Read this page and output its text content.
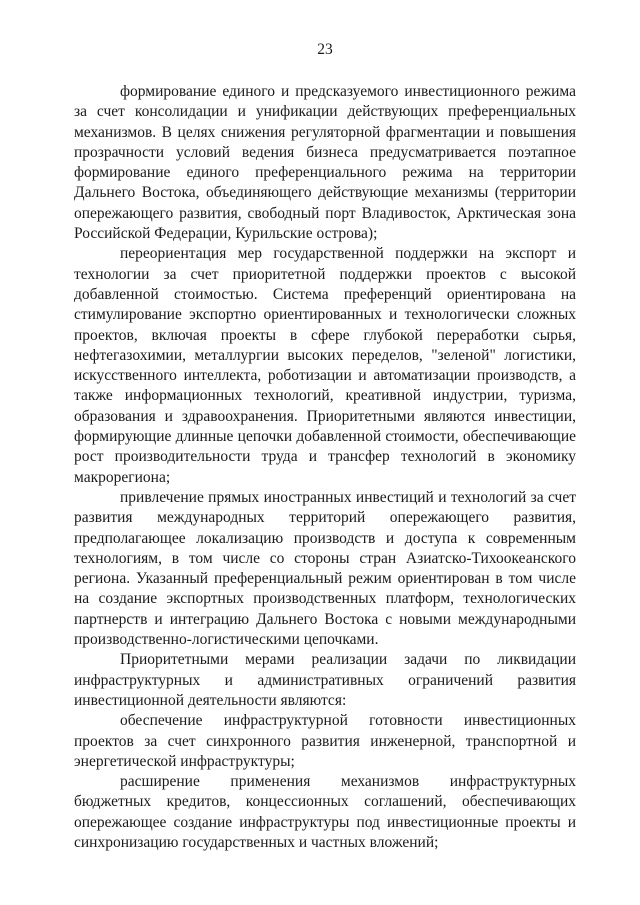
23

формирование единого и предсказуемого инвестиционного режима за счет консолидации и унификации действующих преференциальных механизмов. В целях снижения регуляторной фрагментации и повышения прозрачности условий ведения бизнеса предусматривается поэтапное формирование единого преференциального режима на территории Дальнего Востока, объединяющего действующие механизмы (территории опережающего развития, свободный порт Владивосток, Арктическая зона Российской Федерации, Курильские острова);

переориентация мер государственной поддержки на экспорт и технологии за счет приоритетной поддержки проектов с высокой добавленной стоимостью. Система преференций ориентирована на стимулирование экспортно ориентированных и технологически сложных проектов, включая проекты в сфере глубокой переработки сырья, нефтегазохимии, металлургии высоких переделов, "зеленой" логистики, искусственного интеллекта, роботизации и автоматизации производств, а также информационных технологий, креативной индустрии, туризма, образования и здравоохранения. Приоритетными являются инвестиции, формирующие длинные цепочки добавленной стоимости, обеспечивающие рост производительности труда и трансфер технологий в экономику макрорегиона;

привлечение прямых иностранных инвестиций и технологий за счет развития международных территорий опережающего развития, предполагающее локализацию производств и доступа к современным технологиям, в том числе со стороны стран Азиатско-Тихоокеанского региона. Указанный преференциальный режим ориентирован в том числе на создание экспортных производственных платформ, технологических партнерств и интеграцию Дальнего Востока с новыми международными производственно-логистическими цепочками.

Приоритетными мерами реализации задачи по ликвидации инфраструктурных и административных ограничений развития инвестиционной деятельности являются:

обеспечение инфраструктурной готовности инвестиционных проектов за счет синхронного развития инженерной, транспортной и энергетической инфраструктуры;

расширение применения механизмов инфраструктурных бюджетных кредитов, концессионных соглашений, обеспечивающих опережающее создание инфраструктуры под инвестиционные проекты и синхронизацию государственных и частных вложений;
